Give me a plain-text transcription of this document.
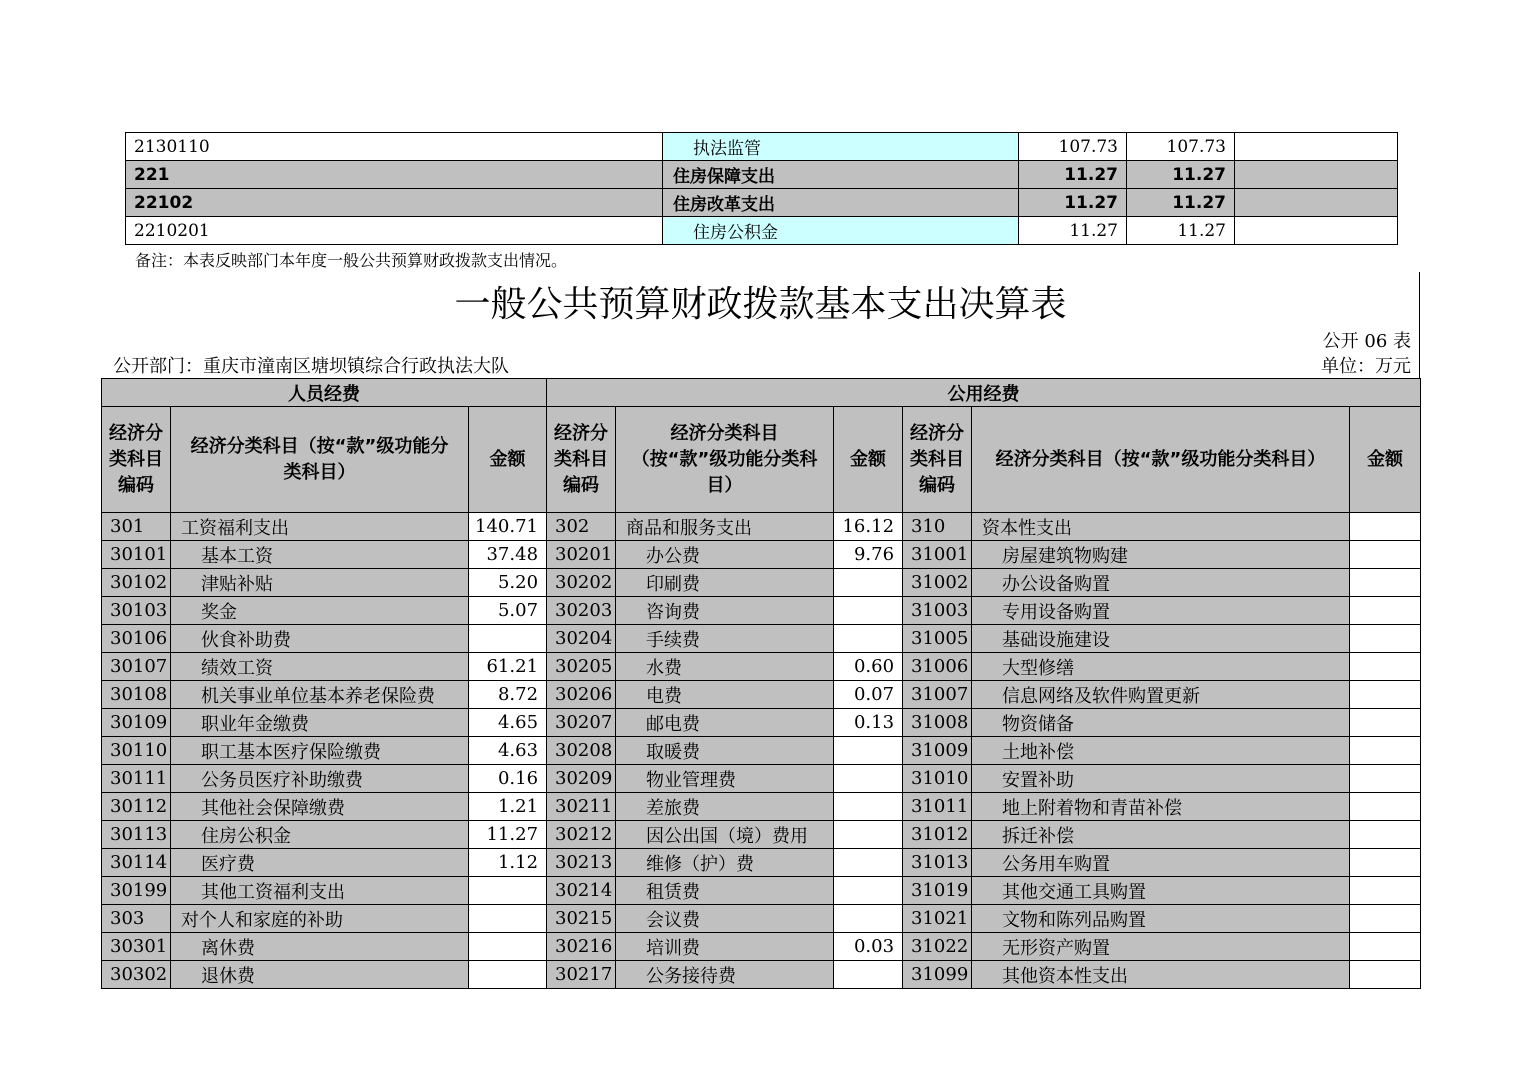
2130110	执法监管	107.73	107.73	
221	住房保障支出	11.27	11.27	
22102	住房改革支出	11.27	11.27	
2210201	住房公积金	11.27	11.27	
备注：本表反映部门本年度一般公共预算财政拨款支出情况。
一般公共预算财政拨款基本支出决算表
公开 06 表
公开部门：重庆市潼南区塘坝镇综合行政执法大队	单位：万元
人员经费			公用经费					
经济分类科目编码	经济分类科目（按“款”级功能分类科目）	金额	经济分类科目编码	经济分类科目（按“款”级功能分类科目）	金额	经济分类科目编码	经济分类科目（按“款”级功能分类科目）	金额
301	工资福利支出	140.71	302	商品和服务支出	16.12	310	资本性支出	
30101	基本工资	37.48	30201	办公费	9.76	31001	房屋建筑物购建	
30102	津贴补贴	5.20	30202	印刷费		31002	办公设备购置	
30103	奖金	5.07	30203	咨询费		31003	专用设备购置	
30106	伙食补助费		30204	手续费		31005	基础设施建设	
30107	绩效工资	61.21	30205	水费	0.60	31006	大型修缮	
30108	机关事业单位基本养老保险费	8.72	30206	电费	0.07	31007	信息网络及软件购置更新	
30109	职业年金缴费	4.65	30207	邮电费	0.13	31008	物资储备	
30110	职工基本医疗保险缴费	4.63	30208	取暖费		31009	土地补偿	
30111	公务员医疗补助缴费	0.16	30209	物业管理费		31010	安置补助	
30112	其他社会保障缴费	1.21	30211	差旅费		31011	地上附着物和青苗补偿	
30113	住房公积金	11.27	30212	因公出国（境）费用		31012	拆迁补偿	
30114	医疗费	1.12	30213	维修（护）费		31013	公务用车购置	
30199	其他工资福利支出		30214	租赁费		31019	其他交通工具购置	
303	对个人和家庭的补助		30215	会议费		31021	文物和陈列品购置	
30301	离休费		30216	培训费	0.03	31022	无形资产购置	
30302	退休费		30217	公务接待费		31099	其他资本性支出	
